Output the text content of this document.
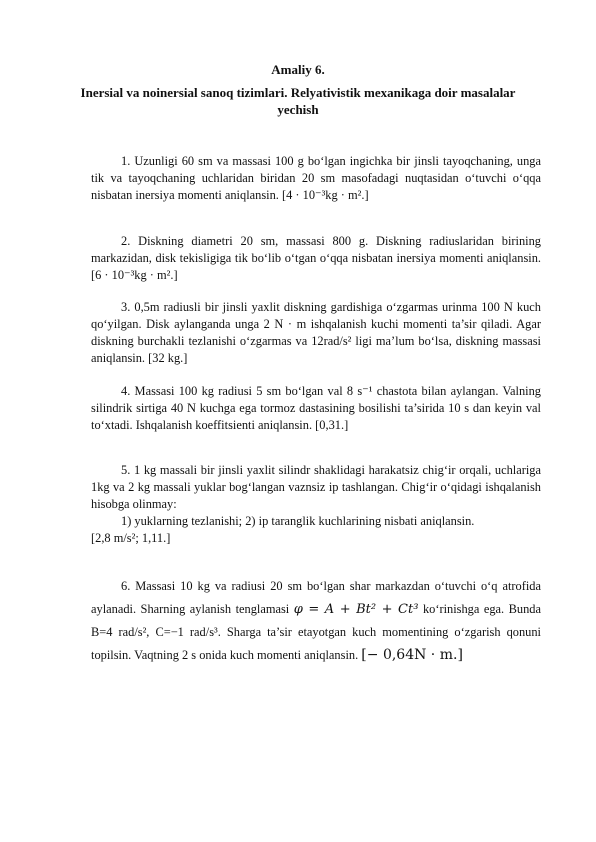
Amaliy 6.
Inersial va noinersial sanoq tizimlari. Relyativistik mexanikaga doir masalalar yechish

1. Uzunligi 60 sm va massasi 100 g bo‘lgan ingichka bir jinsli tayoqchaning, unga tik va tayoqchaning uchlaridan biridan 20 sm masofadagi nuqtasidan o‘tuvchi o‘qqa nisbatan inersiya momenti aniqlansin. [4 · 10⁻³kg · m².]

2. Diskning diametri 20 sm, massasi 800 g. Diskning radiuslaridan birining markazidan, disk tekisligiga tik bo‘lib o‘tgan o‘qqa nisbatan inersiya momenti aniqlansin. [6 · 10⁻³kg · m².]

3. 0,5m radiusli bir jinsli yaxlit diskning gardishiga o‘zgarmas urinma 100 N kuch qo‘yilgan. Disk aylanganda unga 2 N · m ishqalanish kuchi momenti ta’sir qiladi. Agar diskning burchakli tezlanishi o‘zgarmas va 12rad/s² ligi ma’lum bo‘lsa, diskning massasi aniqlansin. [32 kg.]

4. Massasi 100 kg radiusi 5 sm bo‘lgan val 8 s⁻¹ chastota bilan aylangan. Valning silindrik sirtiga 40 N kuchga ega tormoz dastasining bosilishi ta’sirida 10 s dan keyin val to‘xtadi. Ishqalanish koeffitsienti aniqlansin. [0,31.]

5. 1 kg massali bir jinsli yaxlit silindr shaklidagi harakatsiz chig‘ir orqali, uchlariga 1kg va 2 kg massali yuklar bog‘langan vaznsiz ip tashlangan. Chig‘ir o‘qidagi ishqalanish hisobga olinmay:

1) yuklarning tezlanishi; 2) ip taranglik kuchlarining nisbati aniqlansin.

[2,8 m/s²; 1,11.]

6. Massasi 10 kg va radiusi 20 sm bo‘lgan shar markazdan o‘tuvchi o‘q atrofida aylanadi. Sharning aylanish tenglamasi φ = A + Bt² + Ct³ ko‘rinishga ega. Bunda B=4 rad/s², C=−1 rad/s³. Sharga ta’sir etayotgan kuch momentining o‘zgarish qonuni topilsin. Vaqtning 2 s onida kuch momenti aniqlansin. [− 0,64N · m.]
